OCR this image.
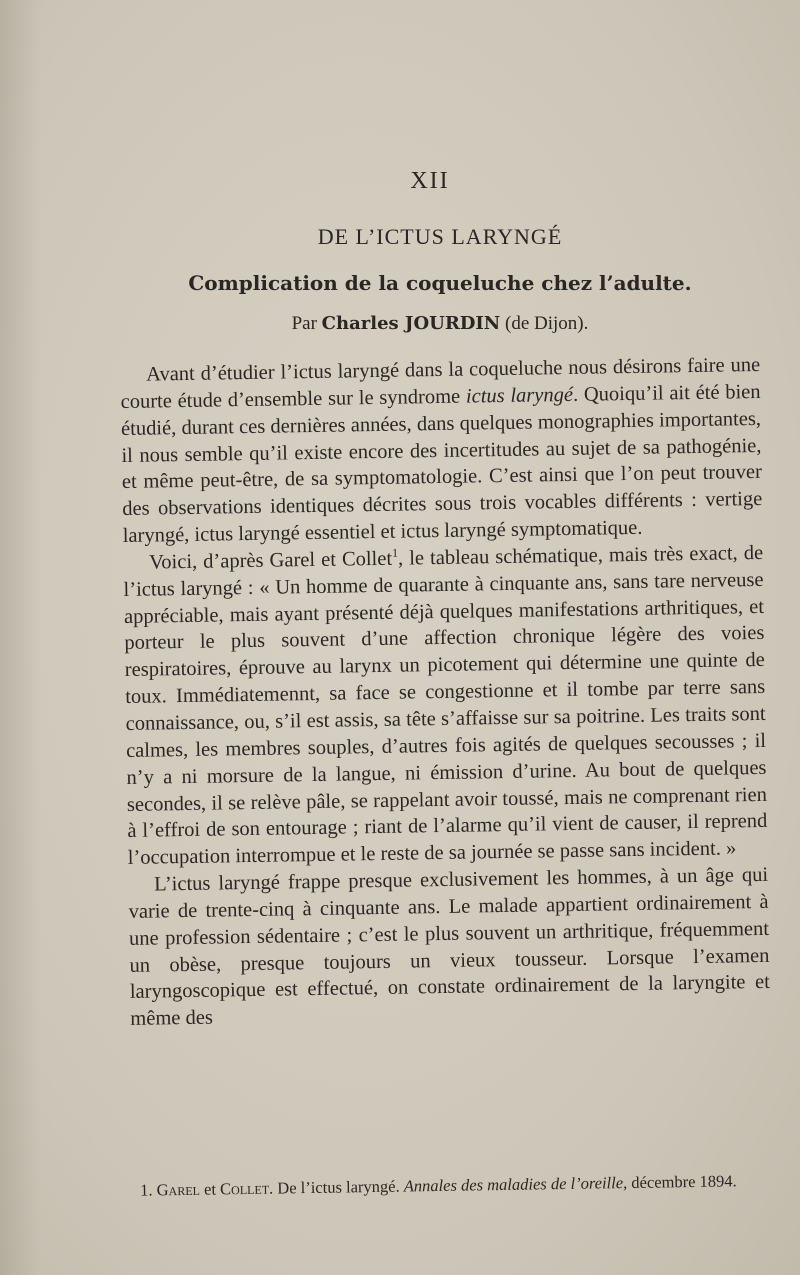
XII
DE L’ICTUS LARYNGÉ
Complication de la coqueluche chez l’adulte.
Par Charles JOURDIN (de Dijon).

Avant d’étudier l’ictus laryngé dans la coqueluche nous désirons faire une courte étude d’ensemble sur le syndrome ictus laryngé. Quoiqu’il ait été bien étudié, durant ces dernières années, dans quelques monographies importantes, il nous semble qu’il existe encore des incertitudes au sujet de sa pathogénie, et même peut-être, de sa symptomatologie. C’est ainsi que l’on peut trouver des observations identiques décrites sous trois vocables différents : vertige laryngé, ictus laryngé essentiel et ictus laryngé symptomatique.

Voici, d’après Garel et Collet$^1$, le tableau schématique, mais très exact, de l’ictus laryngé : « Un homme de quarante à cinquante ans, sans tare nerveuse appréciable, mais ayant présenté déjà quelques manifestations arthritiques, et porteur le plus souvent d’une affection chronique légère des voies respiratoires, éprouve au larynx un picotement qui détermine une quinte de toux. Immédiatemennt, sa face se congestionne et il tombe par terre sans connaissance, ou, s’il est assis, sa tête s’affaisse sur sa poitrine. Les traits sont calmes, les membres souples, d’autres fois agités de quelques secousses ; il n’y a ni morsure de la langue, ni émission d’urine. Au bout de quelques secondes, il se relève pâle, se rappelant avoir toussé, mais ne comprenant rien à l’effroi de son entourage ; riant de l’alarme qu’il vient de causer, il reprend l’occupation interrompue et le reste de sa journée se passe sans incident. »

L’ictus laryngé frappe presque exclusivement les hommes, à un âge qui varie de trente-cinq à cinquante ans. Le malade appartient ordinairement à une profession sédentaire ; c’est le plus souvent un arthritique, fréquemment un obèse, presque toujours un vieux tousseur. Lorsque l’examen laryngoscopique est effectué, on constate ordinairement de la laryngite et même des

1. Garel et Collet. De l’ictus laryngé. Annales des maladies de l’oreille, décembre 1894.
